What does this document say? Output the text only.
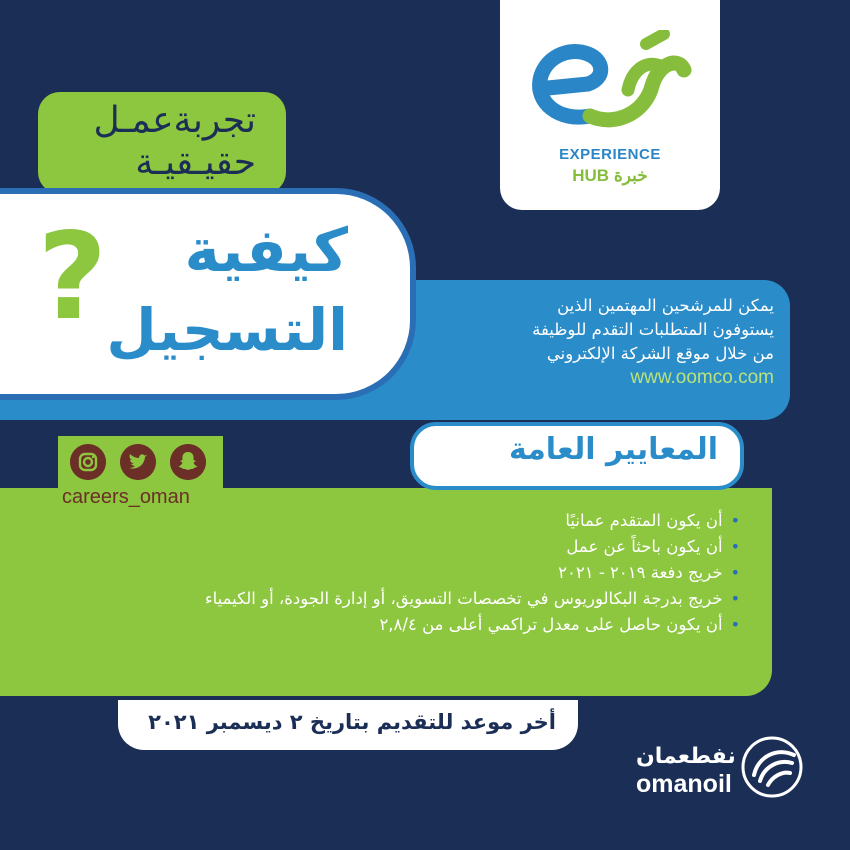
EXPERIENCE
HUB خبرة
تجربةعمـل
حقيـقيـة
يمكن للمرشحين المهتمين الذين
يستوفون المتطلبات التقدم للوظيفة
من خلال موقع الشركة الإلكتروني
www.oomco.com
؟ كيفية
التسجيل
careers_oman
المعايير العامة
•أن يكون المتقدم عمانيًا
•أن يكون باحثاً عن عمل
•خريج دفعة ٢٠١٩ - ٢٠٢١
•خريج بدرجة البكالوريوس في تخصصات التسويق، أو إدارة الجودة، أو الكيمياء
•أن يكون حاصل على معدل تراكمي أعلى من ٢,٨/٤
أخر موعد للتقديم بتاريخ ٢ ديسمبر ٢٠٢١
نفطعمان
omanoil
